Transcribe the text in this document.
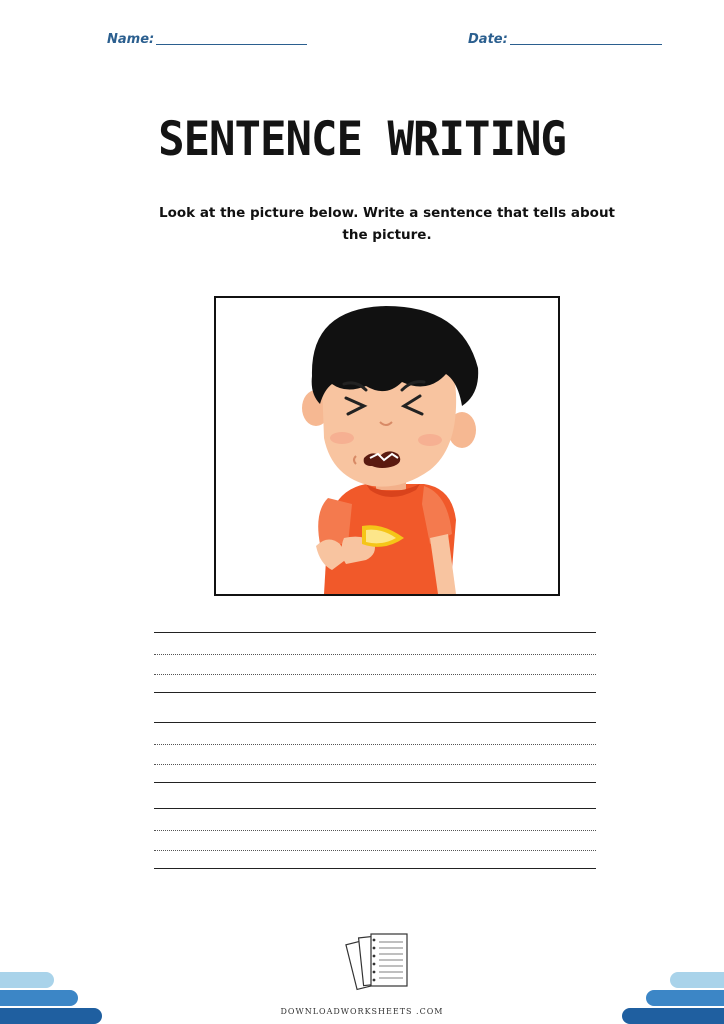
Name:	Date:
SENTENCE WRITING
Look at the picture below. Write a sentence that tells about
the picture.
DOWNLOADWORKSHEETS .COM
